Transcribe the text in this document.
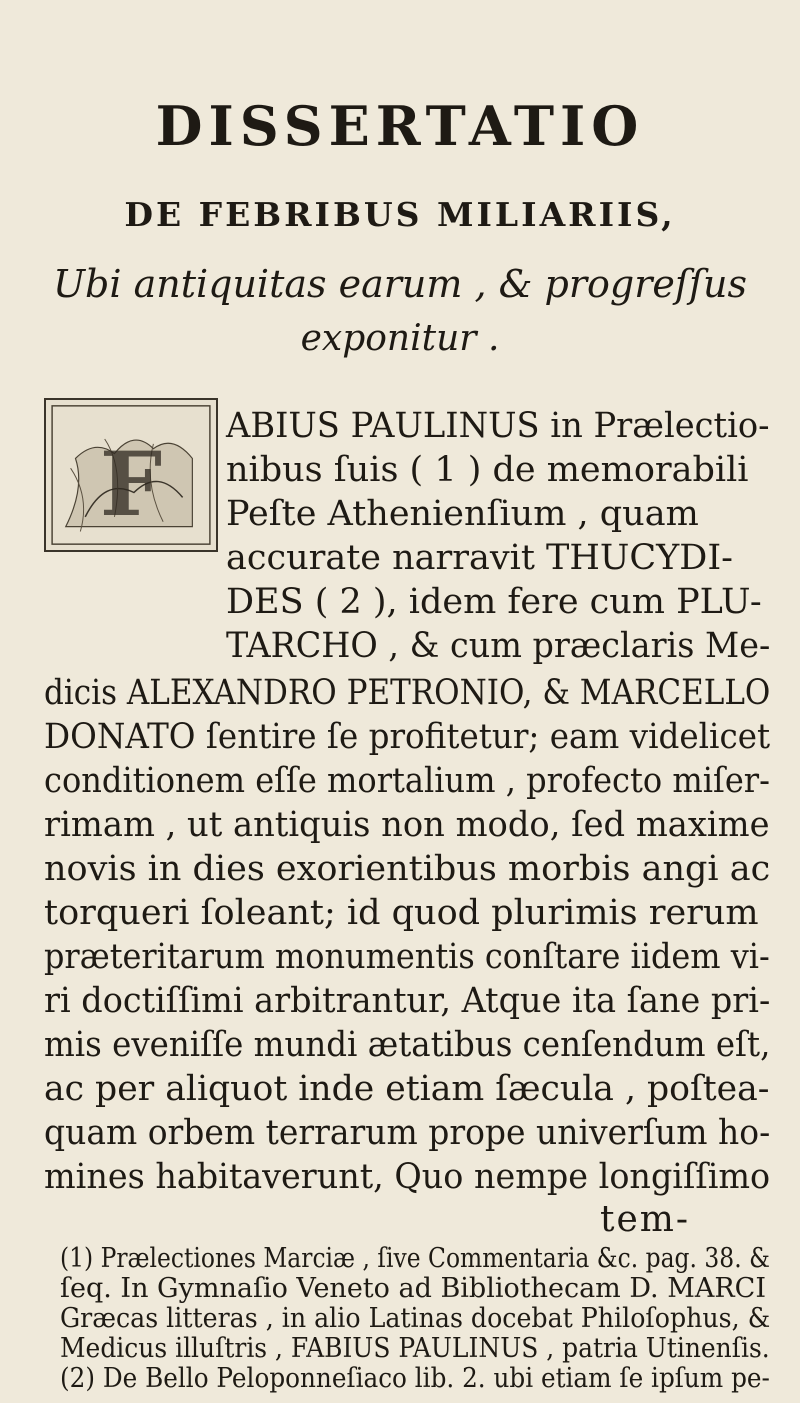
DISSERTATIO
DE FEBRIBUS MILIARIIS,
Ubi antiquitas earum , & progreſſus
exponitur .
F
ABIUS PAULINUS in Prælectio-
nibus ſuis ( 1 ) de memorabili
Peſte Athenienſium , quam
accurate narravit THUCYDI-
DES ( 2 ), idem fere cum PLU-
TARCHO , & cum præclaris Me-
dicis ALEXANDRO PETRONIO, & MARCELLO
DONATO ſentire ſe profitetur; eam videlicet
conditionem eſſe mortalium , profecto miſer-
rimam , ut antiquis non modo, ſed maxime
novis in dies exorientibus morbis angi ac
torqueri ſoleant; id quod plurimis rerum
præteritarum monumentis conſtare iidem vi-
ri doctiſſimi arbitrantur, Atque ita ſane pri-
mis eveniſſe mundi ætatibus cenſendum eſt,
ac per aliquot inde etiam ſæcula , poſtea-
quam orbem terrarum prope univerſum ho-
mines habitaverunt, Quo nempe longiſſimo
tem-
(1) Prælectiones Marciæ , ſive Commentaria &c. pag. 38. &
ſeq. In Gymnaſio Veneto ad Bibliothecam D. MARCI
Græcas litteras , in alio Latinas docebat Philoſophus, &
Medicus illuſtris , FABIUS PAULINUS , patria Utinenſis.
(2) De Bello Peloponneſiaco lib. 2. ubi etiam ſe ipſum pe-
